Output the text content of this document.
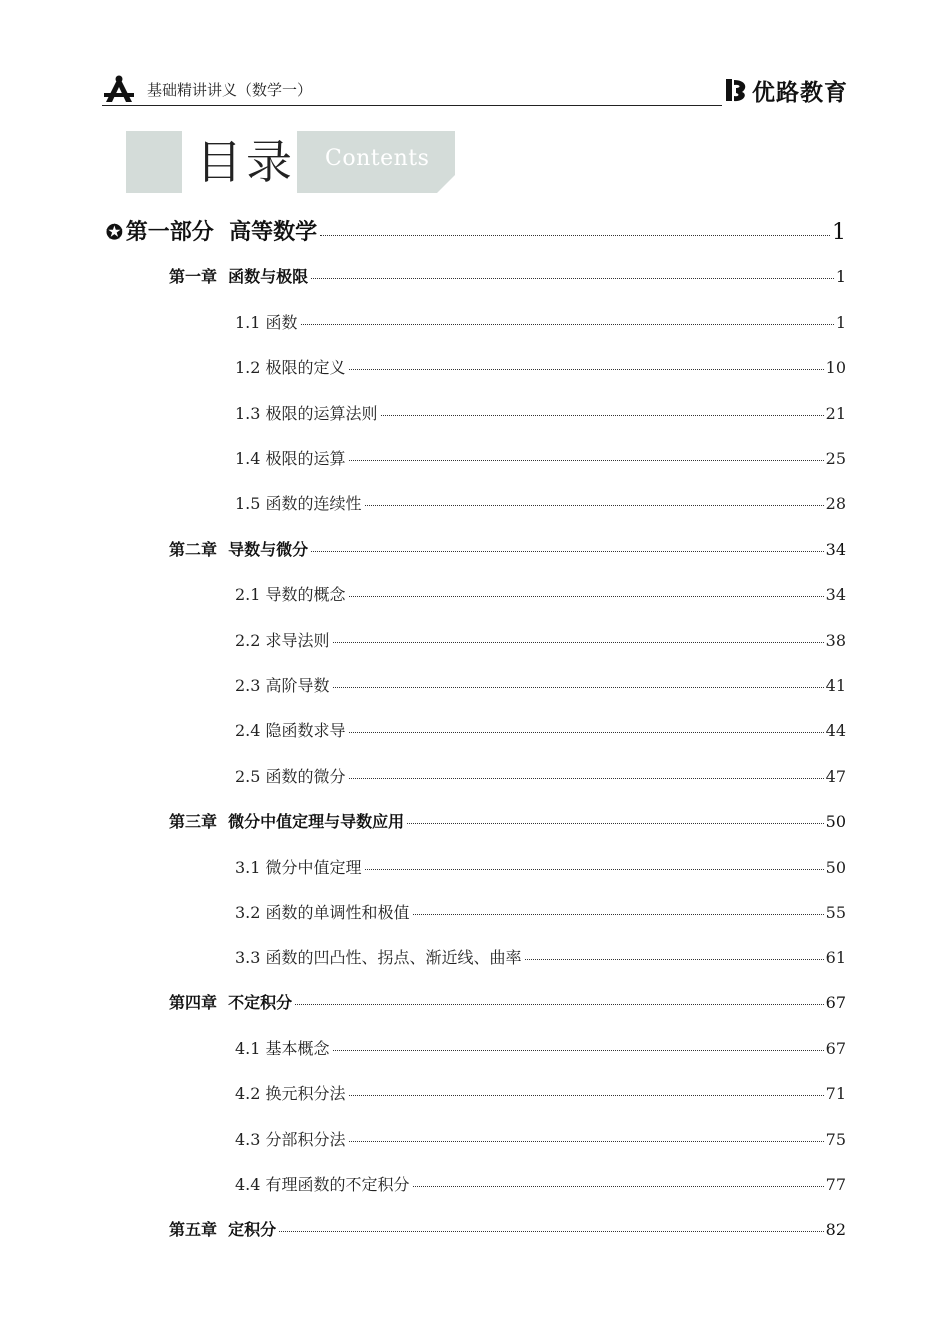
基础精讲讲义（数学一）	优路教育
目录 Contents
✪ 第一部分  高等数学	1
第一章  函数与极限	1
1.1 函数	1
1.2 极限的定义	10
1.3 极限的运算法则	21
1.4 极限的运算	25
1.5 函数的连续性	28
第二章  导数与微分	34
2.1 导数的概念	34
2.2 求导法则	38
2.3 高阶导数	41
2.4 隐函数求导	44
2.5 函数的微分	47
第三章  微分中值定理与导数应用	50
3.1 微分中值定理	50
3.2 函数的单调性和极值	55
3.3 函数的凹凸性、拐点、渐近线、曲率	61
第四章  不定积分	67
4.1 基本概念	67
4.2 换元积分法	71
4.3 分部积分法	75
4.4 有理函数的不定积分	77
第五章  定积分	82
